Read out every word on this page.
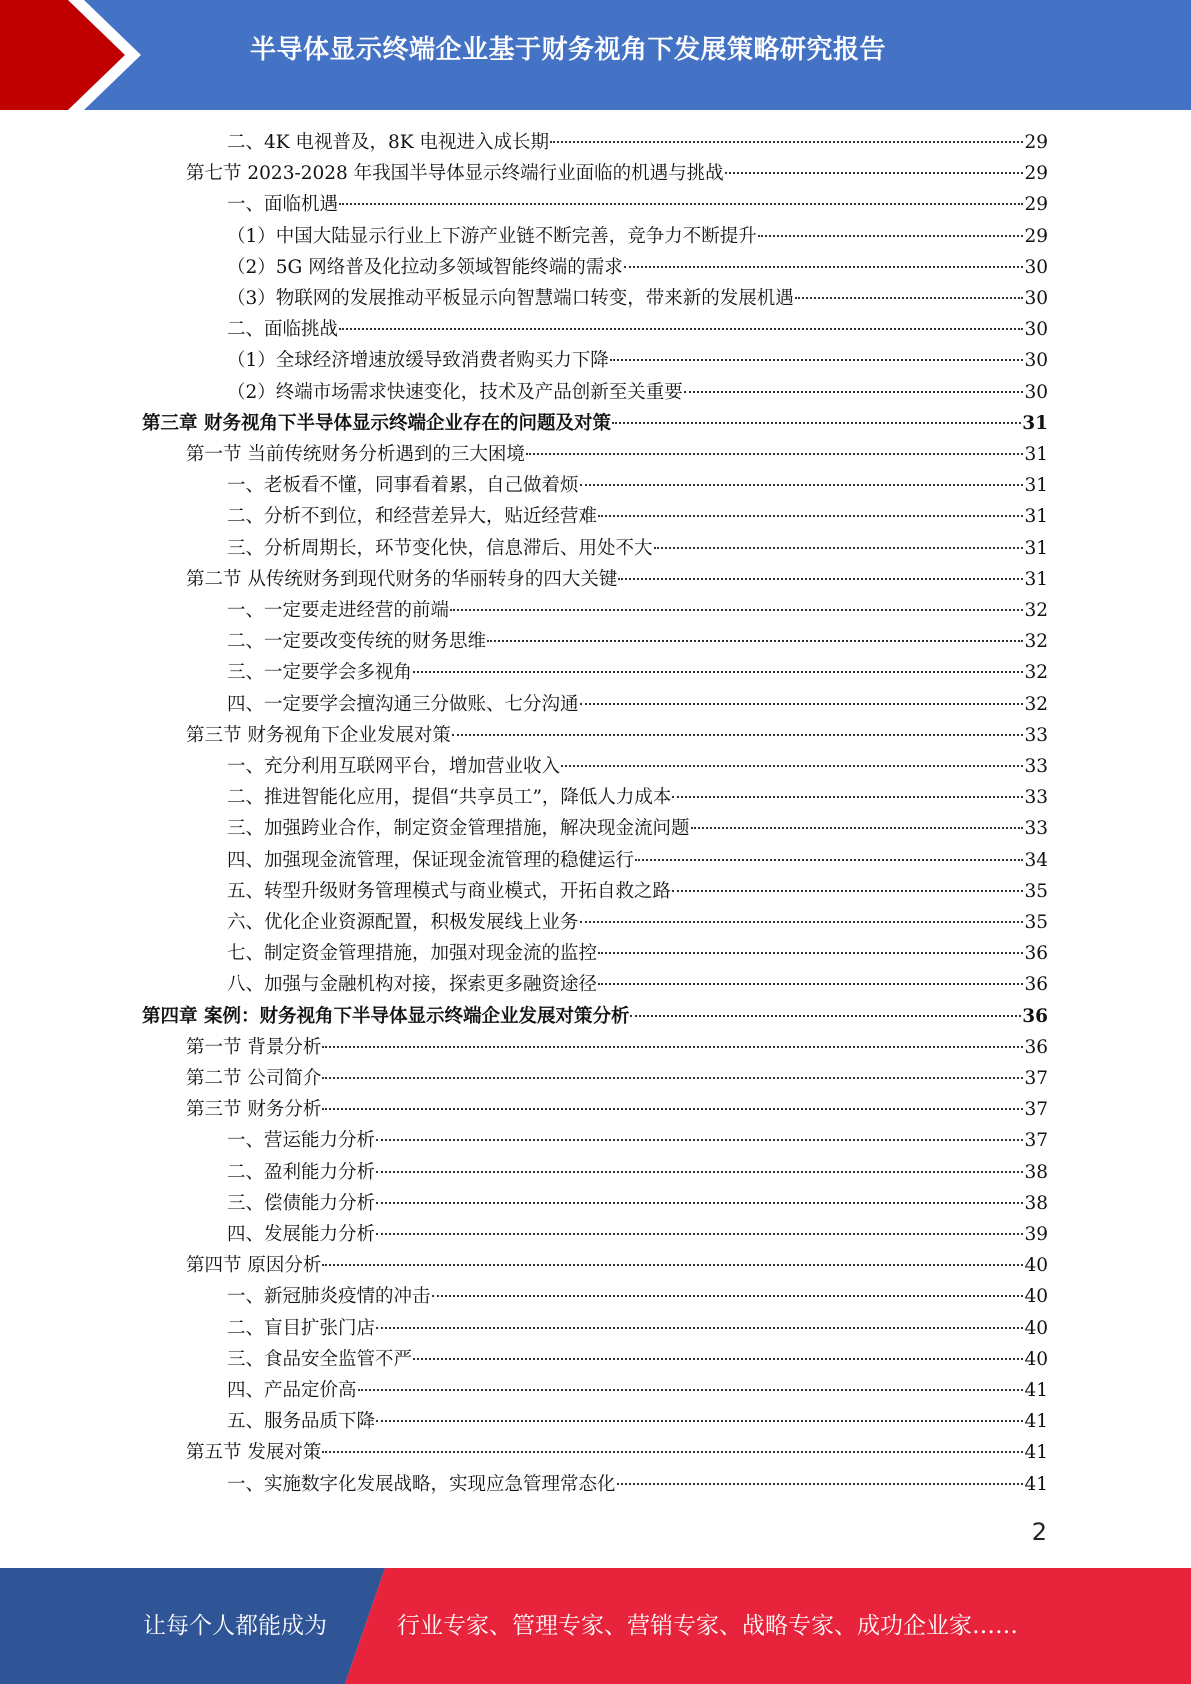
半导体显示终端企业基于财务视角下发展策略研究报告
二、4K 电视普及，8K 电视进入成长期	29
第七节 2023-2028 年我国半导体显示终端行业面临的机遇与挑战	29
一、面临机遇	29
（1）中国大陆显示行业上下游产业链不断完善，竞争力不断提升	29
（2）5G 网络普及化拉动多领域智能终端的需求	30
（3）物联网的发展推动平板显示向智慧端口转变，带来新的发展机遇	30
二、面临挑战	30
（1）全球经济增速放缓导致消费者购买力下降	30
（2）终端市场需求快速变化，技术及产品创新至关重要	30
第三章 财务视角下半导体显示终端企业存在的问题及对策	31
第一节 当前传统财务分析遇到的三大困境	31
一、老板看不懂，同事看着累，自己做着烦	31
二、分析不到位，和经营差异大，贴近经营难	31
三、分析周期长，环节变化快，信息滞后、用处不大	31
第二节 从传统财务到现代财务的华丽转身的四大关键	31
一、一定要走进经营的前端	32
二、一定要改变传统的财务思维	32
三、一定要学会多视角	32
四、一定要学会擅沟通三分做账、七分沟通	32
第三节 财务视角下企业发展对策	33
一、充分利用互联网平台，增加营业收入	33
二、推进智能化应用，提倡“共享员工”，降低人力成本	33
三、加强跨业合作，制定资金管理措施，解决现金流问题	33
四、加强现金流管理，保证现金流管理的稳健运行	34
五、转型升级财务管理模式与商业模式，开拓自救之路	35
六、优化企业资源配置，积极发展线上业务	35
七、制定资金管理措施，加强对现金流的监控	36
八、加强与金融机构对接，探索更多融资途径	36
第四章 案例：财务视角下半导体显示终端企业发展对策分析	36
第一节 背景分析	36
第二节 公司简介	37
第三节 财务分析	37
一、营运能力分析	37
二、盈利能力分析	38
三、偿债能力分析	38
四、发展能力分析	39
第四节 原因分析	40
一、新冠肺炎疫情的冲击	40
二、盲目扩张门店	40
三、食品安全监管不严	40
四、产品定价高	41
五、服务品质下降	41
第五节 发展对策	41
一、实施数字化发展战略，实现应急管理常态化	41
2
让每个人都能成为	行业专家、管理专家、营销专家、战略专家、成功企业家……
